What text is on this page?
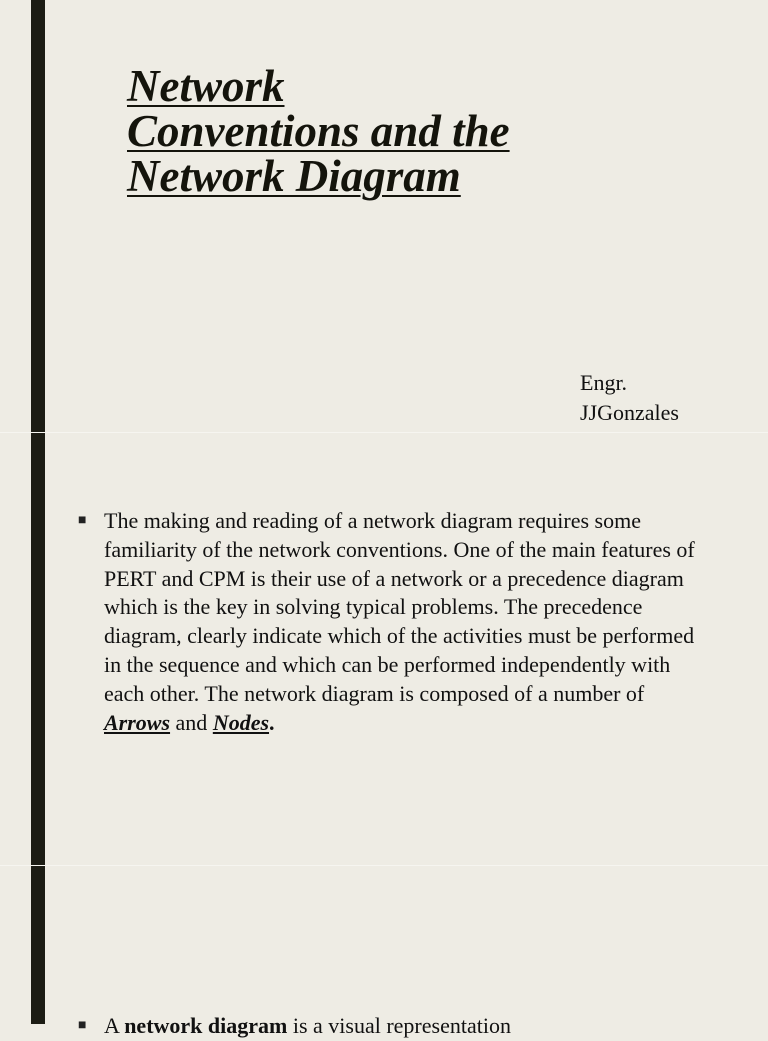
Network
Conventions and the
Network Diagram
Engr.
JJGonzales
■ The making and reading of a network diagram requires some familiarity of the network conventions. One of the main features of PERT and CPM is their use of a network or a precedence diagram which is the key in solving typical problems. The precedence diagram, clearly indicate which of the activities must be performed in the sequence and which can be performed independently with each other. The network diagram is composed of a number of Arrows and Nodes.
■ A network diagram is a visual representation
